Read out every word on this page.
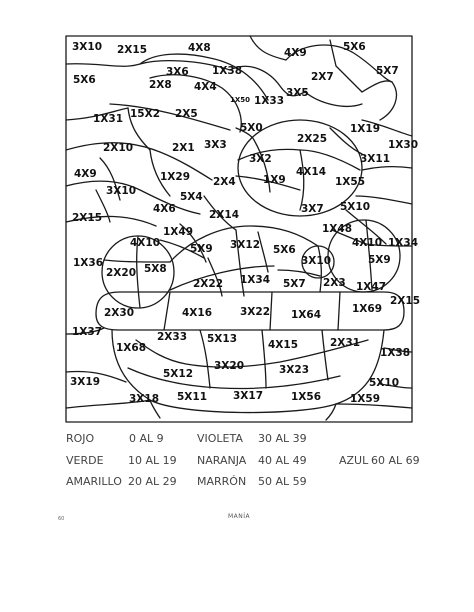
3X10 2X15	4X8	4X9	5X6
5X6
3X6 1X38	2X7	5X7
2X8 4X4
1X50 1X33
3X5
1X31 15X2 2X5
5X0	1X19
2X10	2X1 3X3	2X25	1X30
3X2	3X11
4X9	1X29	4X14
2X4	1X9	1X55
3X10	5X4
3X7
4X6	2X14
5X10
2X15
1X49
4X10	5X9 3X12 5X6
1X48
4X10 1X34
1X36
2X20 5X8
3X10	5X9
2X22 1X34 5X7 2X3 1X47
2X15
2X30	4X16	3X22 1X64	1X69
1X37	2X33 5X13	4X15	2X31
1X68	1X38
3X20
5X12	3X23
3X19	5X10
3X18 5X11 3X17	1X56	1X59
ROJO	0 AL 9	VIOLETA 30 AL 39
VERDE 10 AL 19 NARANJA 40 AL 49	AZUL 60 AL 69
AMARILLO 20 AL 29 MARRÓN 50 AL 59
MANÍA
60
